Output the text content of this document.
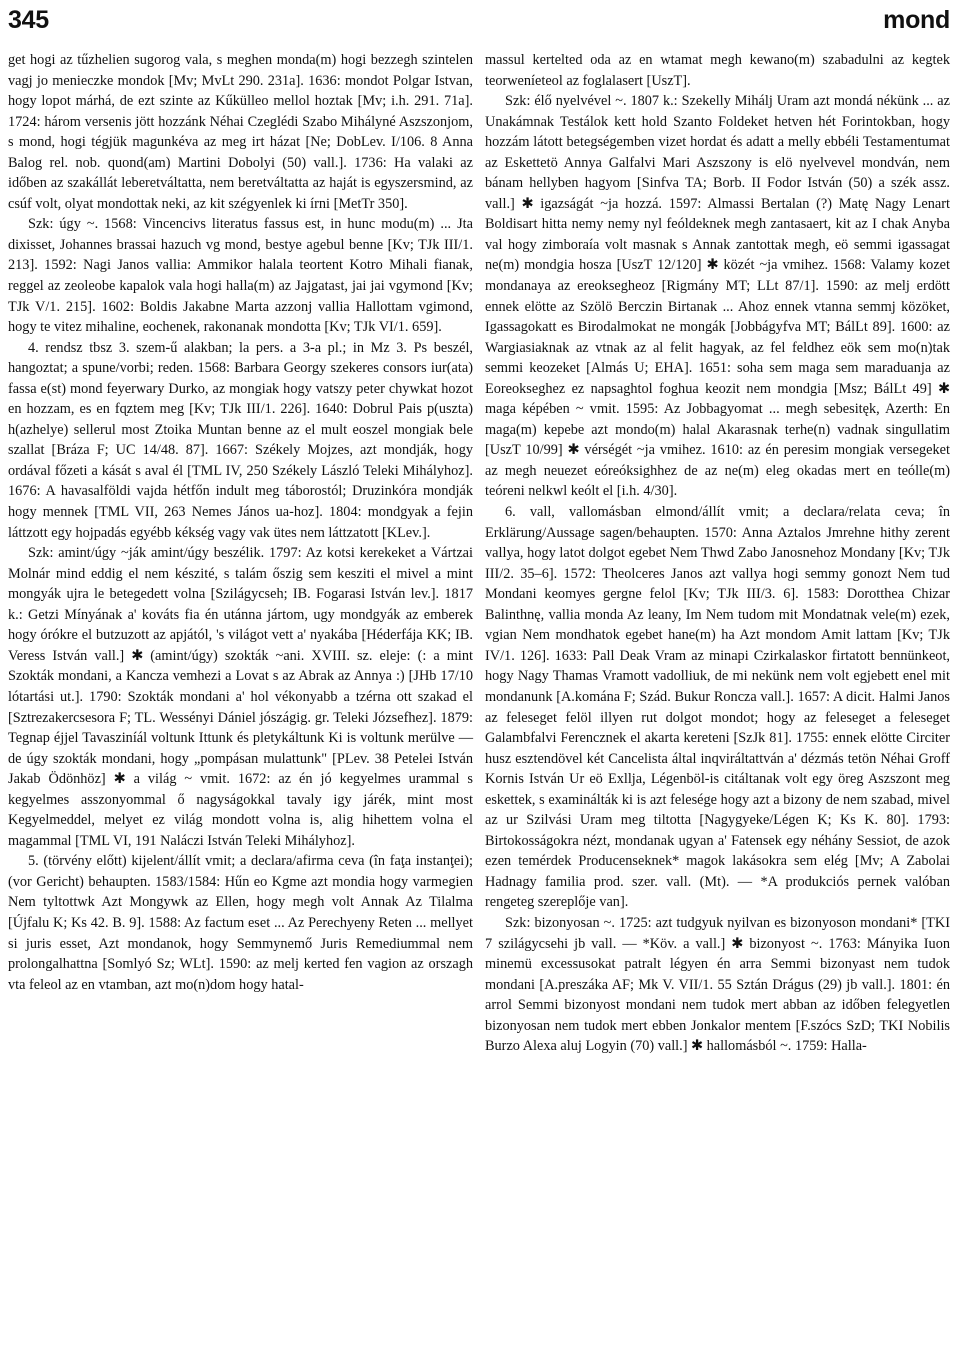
345	mond

get hogi az tűzhelien sugorog vala, s meghen monda(m) hogi bezzegh szintelen vagj jo menieczke mondok [Mv; MvLt 290. 231a]. 1636: mondot Polgar Istvan, hogy lopot márhá, de ezt szinte az Kűkülleo mellol hoztak [Mv; i.h. 291. 71a]. 1724: három versenis jött hozzánk Néhai Czeglédi Szabo Mihályné Aszszonjom, s mond, hogi tégjük magunkéva az meg irt házat [Ne; DobLev. I/106. 8 Anna Balog rel. nob. quond(am) Martini Dobolyi (50) vall.]. 1736: Ha valaki az időben az szakállát leberetváltatta, nem beretváltatta az haját is egyszersmind, az csúf volt, olyat mondottak neki, az kit szégyenlek ki írni [MetTr 350].

Szk: úgy ~. 1568: Vincencivs literatus fassus est, in hunc modu(m) ... Jta dixisset, Johannes brassai hazuch vg mond, bestye agebul benne [Kv; TJk III/1. 213]. 1592: Nagi Janos vallia: Ammikor halala teortent Kotro Mihali fianak, reggel az zeoleobe kapalok vala hogi halla(m) az Jajgatast, jai jai vgymond [Kv; TJk V/1. 215]. 1602: Boldis Jakabne Marta azzonj vallia Hallottam vgimond, hogy te vitez mihaline, eochenek, rakonanak mondotta [Kv; TJk VI/1. 659].

4. rendsz tbsz 3. szem-ű alakban; la pers. a 3-a pl.; in Mz 3. Ps beszél, hangoztat; a spune/vorbi; reden. 1568: Barbara Georgy szekeres consors iur(ata) fassa e(st) mond feyerwary Durko, az mongiak hogy vatszy peter chywkat hozot en hozzam, es en fɋztem meg [Kv; TJk III/1. 226]. 1640: Dobrul Pais p(uszta) h(azhelye) sellerul most Ztoika Muntan benne az el mult eoszel mongiak bele szallat [Bráza F; UC 14/48. 87]. 1667: Székely Mojzes, azt mondják, hogy ordával főzeti a kását s aval él [TML IV, 250 Székely László Teleki Mihályhoz]. 1676: A havasalföldi vajda hétfőn indult meg táborostól; Druzinkóra mondják hogy mennek [TML VII, 263 Nemes János ua-hoz]. 1804: mondgyak a fejin láttzott egy hojpadás egyébb kékség vagy vak ütes nem láttzatott [KLev.].

Szk: amint/úgy ~ják amint/úgy beszélik. 1797: Az kotsi kerekeket a Vártzai Molnár mind eddig el nem készité, s talám őszig sem kesziti el mivel a mint mongyák ujra le betegedett volna [Szilágycseh; IB. Fogarasi István lev.]. 1817 k.: Getzi Mínyának a' kováts fia én utánna jártom, ugy mondgyák az emberek hogy órókre el butzuzott az apjától, 's világot vett a' nyakába [Héderfája KK; IB. Veress István vall.] ✱ (amint/úgy) szokták ~ani. XVIII. sz. eleje: (: a mint Szokták mondani, a Kancza vemhezi a Lovat s az Abrak az Annya :) [JHb 17/10 lótartási ut.]. 1790: Szokták mondani a' hol vékonyabb a tzérna ott szakad el [Sztrezakercsesora F; TL. Wessényi Dániel jószágig. gr. Teleki Józsefhez]. 1879: Tegnap éjjel Tavasziníál voltunk Ittunk és pletykáltunk Ki is voltunk merülve — de úgy szokták mondani, hogy „pompásan mulattunk" [PLev. 38 Petelei István Jakab Ödönhöz] ✱ a világ ~ vmit. 1672: az én jó kegyelmes urammal s kegyelmes asszonyommal ő nagyságokkal tavaly igy járék, mint most Kegyelmeddel, melyet ez világ mondott volna is, alig hihettem volna el magammal [TML VI, 191 Naláczi István Teleki Mihályhoz].

5. (törvény előtt) kijelent/állít vmit; a declara/afirma ceva (în faţa instanţei); (vor Gericht) behaupten. 1583/1584: Hűn eo Kgme azt mondia hogy varmegien Nem tyltottwk Azt Mongywk az Ellen, hogy megh volt Annak Az Tilalma [Újfalu K; Ks 42. B. 9]. 1588: Az factum eset ... Az Perechyeny Reten ... mellyet si juris esset, Azt mondanok, hogy Semmynemő Juris Remediummal nem prolongalhattna [Somlyó Sz; WLt]. 1590: az melj kerted fen vagion az orszagh vta feleol az en vtamban, azt mo(n)dom hogy hatal-

massul kertelted oda az en wtamat megh kewano(m) szabadulni az kegtek teorweníeteol az foglalasert [UszT].

Szk: élő nyelvével ~. 1807 k.: Szekelly Mihálj Uram azt mondá nékünk ... az Unakámnak Testálok kett hold Szanto Foldeket hetven hét Forintokban, hogy hozzám látott betegségemben vizet hordat és adatt a melly ebbéli Testamentumat az Eskettetö Annya Galfalvi Mari Aszszony is elö nyelvevel mondván, nem bánam hellyben hagyom [Sinfva TA; Borb. II Fodor István (50) a szék assz. vall.] ✱ igazságát ~ja hozzá. 1597: Almassi Bertalan (?) Matę Nagy Lenart Boldisart hitta nemy nemy nyl feóldeknek megh zantasaert, kit az I chak Anyba val hogy zimboraía volt masnak s Annak zantottak megh, eö semmi igassagat ne(m) mondgia hosza [UszT 12/120] ✱ közét ~ja vmihez. 1568: Valamy kozet mondanaya az ereoksegheoz [Rigmány MT; LLt 87/1]. 1590: az melj erdött ennek elötte az Szölö Berczin Birtanak ... Ahoz ennek vtanna semmj közöket, Igassagokatt es Birodalmokat ne mongák [Jobbágyfva MT; BálLt 89]. 1600: az Wargiasiaknak az vtnak az al felit hagyak, az fel feldhez eök sem mo(n)tak semmi keozeket [Almás U; EHA]. 1651: soha sem maga sem maraduanja az Eoreokseghez ez napsaghtol foghua keozit nem mondgia [Msz; BálLt 49] ✱ maga képében ~ vmit. 1595: Az Jobbagyomat ... megh sebesitęk, Azerth: En maga(m) kepebe azt mondo(m) halal Akarasnak terhe(n) vadnak singullatim [UszT 10/99] ✱ vérségét ~ja vmihez. 1610: az én peresim mongiak versegeket az megh neuezet eóreóksighhez de az ne(m) eleg okadas mert en teólle(m) teóreni nelkwl keólt el [i.h. 4/30].

6. vall, vallomásban elmond/állít vmit; a declara/relata ceva; în Erklärung/Aussage sagen/behaupten. 1570: Anna Aztalos Jmrehne hithy zerent vallya, hogy latot dolgot egebet Nem Thwd Zabo Janosnehoz Mondany [Kv; TJk III/2. 35–6]. 1572: Theolceres Janos azt vallya hogi semmy gonozt Nem tud Mondani keomyes gergne felol [Kv; TJk III/3. 6]. 1583: Dorotthea Chizar Balinthnę, vallia monda Az leany, Im Nem tudom mit Mondatnak vele(m) ezek, vgian Nem mondhatok egebet hane(m) ha Azt mondom Amit lattam [Kv; TJk IV/1. 126]. 1633: Pall Deak Vram az minapi Czirkalaskor firtatott bennünkeot, hogy Nagy Thamas Vramott vadolliuk, de mi nekünk nem volt egjebett enel mit mondanunk [A.komána F; Szád. Bukur Roncza vall.]. 1657: A dicit. Halmi Janos az feleseget felöl illyen rut dolgot mondot; hogy az feleseget a feleseget Galambfalvi Ferencznek el akarta kereteni [SzJk 81]. 1755: ennek elötte Circiter husz esztendövel két Cancelista által inqviráltattván a' dézmás tetön Néhai Groff Kornis István Ur eö Exllja, Légenböl-is citáltanak volt egy öreg Aszszont meg eskettek, s examinálták ki is azt felesége hogy azt a bizony de nem szabad, mivel az ur Szilvási Uram meg tiltotta [Nagygyeke/Légen K; Ks K. 80]. 1793: Birtokosságokra nézt, mondanak ugyan a' Fatensek egy néhány Sessiot, de azok ezen temérdek Producenseknek* magok lakásokra sem elég [Mv; A Zabolai Hadnagy familia prod. szer. vall. (Mt). — *A produkciós pernek valóban rengeteg szereplője van].

Szk: bizonyosan ~. 1725: azt tudgyuk nyilvan es bizonyoson mondani* [TKI 7 szilágycsehi jb vall. — *Köv. a vall.] ✱ bizonyost ~. 1763: Mányika Iuon minemü excessusokat patralt légyen én arra Semmi bizonyast nem tudok mondani [A.preszáka AF; Mk V. VII/1. 55 Sztán Drágus (29) jb vall.]. 1801: én arrol Semmi bizonyost mondani nem tudok mert abban az időben felegyetlen bizonyosan nem tudok mert ebben Jonkalor mentem [F.szócs SzD; TKI Nobilis Burzo Alexa aluj Logyin (70) vall.] ✱ hallomásból ~. 1759: Halla-
